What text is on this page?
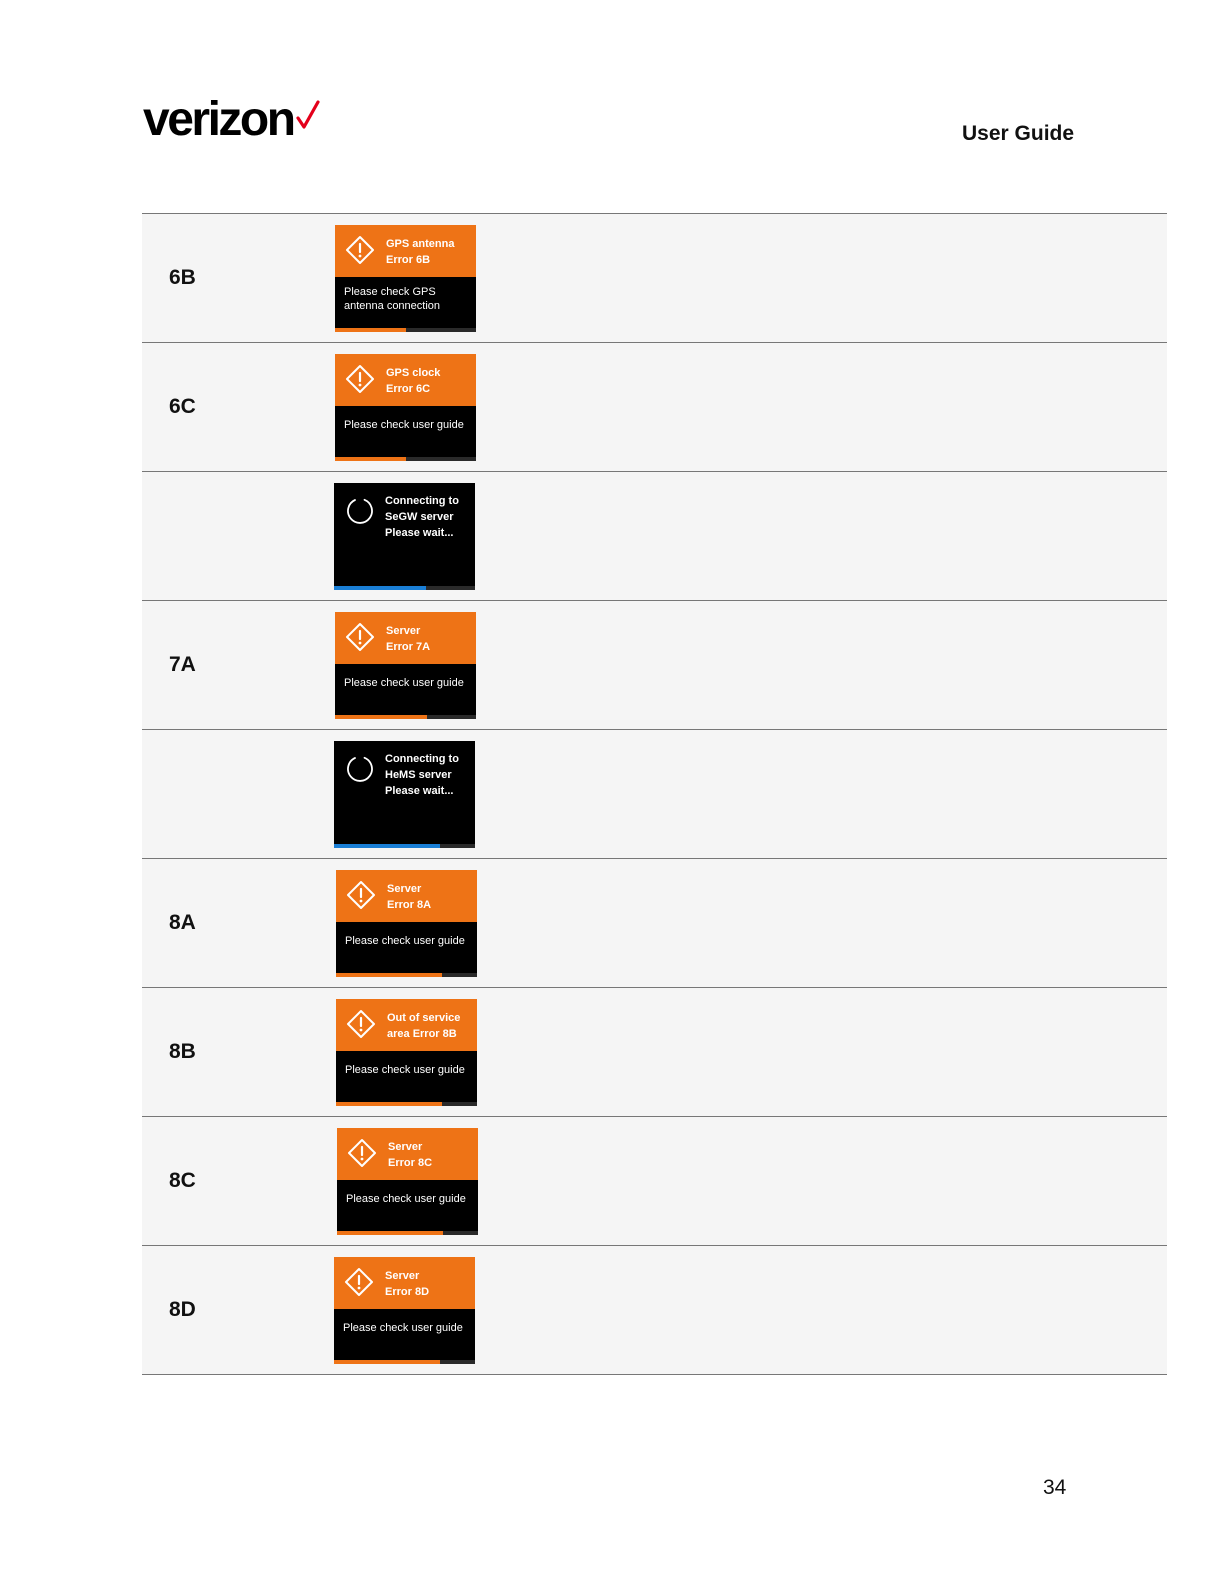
verizon	User Guide
6B
GPS antenna
Error 6B
Please check GPS
antenna connection
6C
GPS clock
Error 6C
Please check user guide
Connecting to
SeGW server
Please wait...
7A
Server
Error 7A
Please check user guide
Connecting to
HeMS server
Please wait...
8A
Server
Error 8A
Please check user guide
8B
Out of service
area Error 8B
Please check user guide
8C
Server
Error 8C
Please check user guide
8D
Server
Error 8D
Please check user guide
34
